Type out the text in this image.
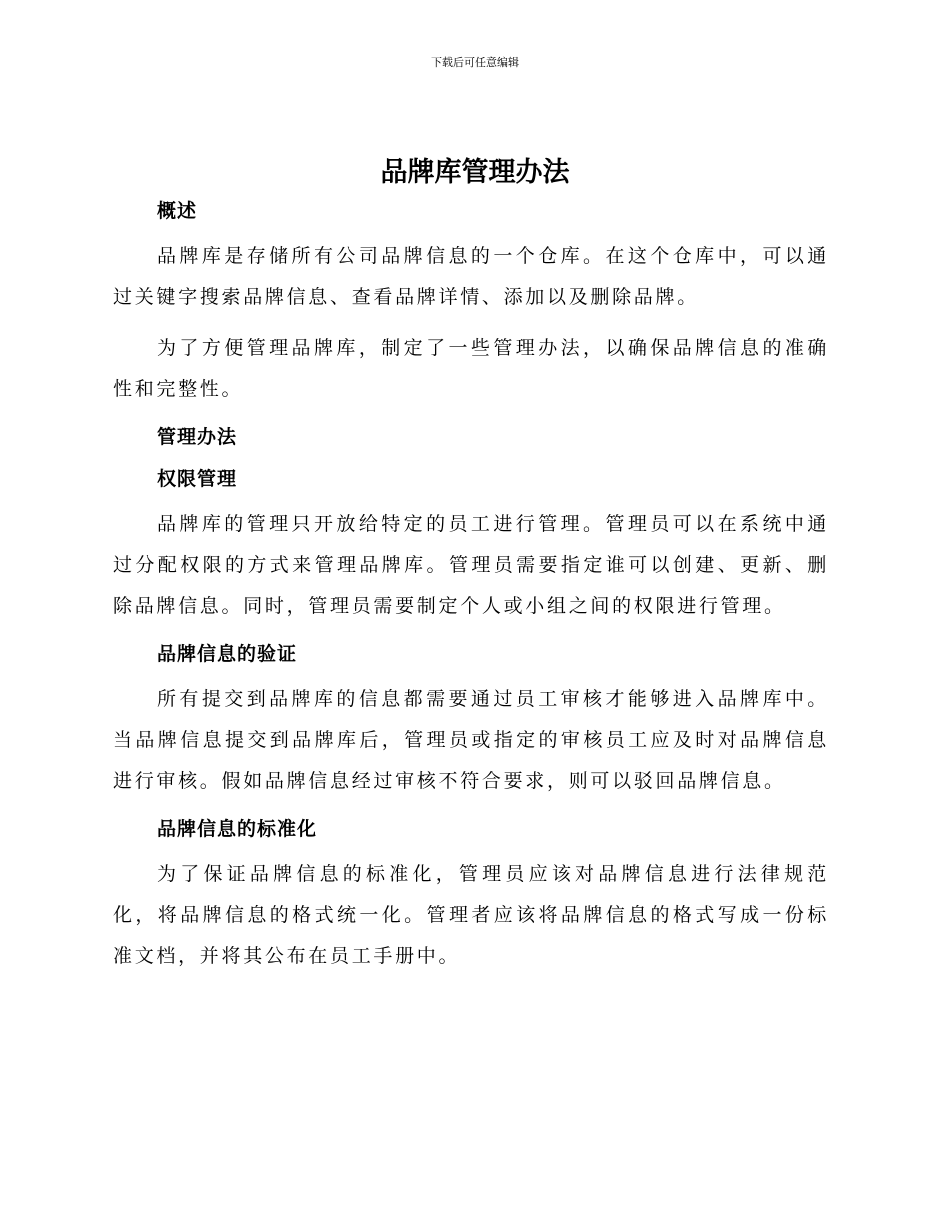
下载后可任意编辑
品牌库管理办法
概述

品牌库是存储所有公司品牌信息的一个仓库。在这个仓库中，可以通过关键字搜索品牌信息、查看品牌详情、添加以及删除品牌。

为了方便管理品牌库，制定了一些管理办法，以确保品牌信息的准确性和完整性。

管理办法
权限管理

品牌库的管理只开放给特定的员工进行管理。管理员可以在系统中通过分配权限的方式来管理品牌库。管理员需要指定谁可以创建、更新、删除品牌信息。同时，管理员需要制定个人或小组之间的权限进行管理。

品牌信息的验证

所有提交到品牌库的信息都需要通过员工审核才能够进入品牌库中。当品牌信息提交到品牌库后，管理员或指定的审核员工应及时对品牌信息进行审核。假如品牌信息经过审核不符合要求，则可以驳回品牌信息。

品牌信息的标准化

为了保证品牌信息的标准化，管理员应该对品牌信息进行法律规范化，将品牌信息的格式统一化。管理者应该将品牌信息的格式写成一份标准文档，并将其公布在员工手册中。
